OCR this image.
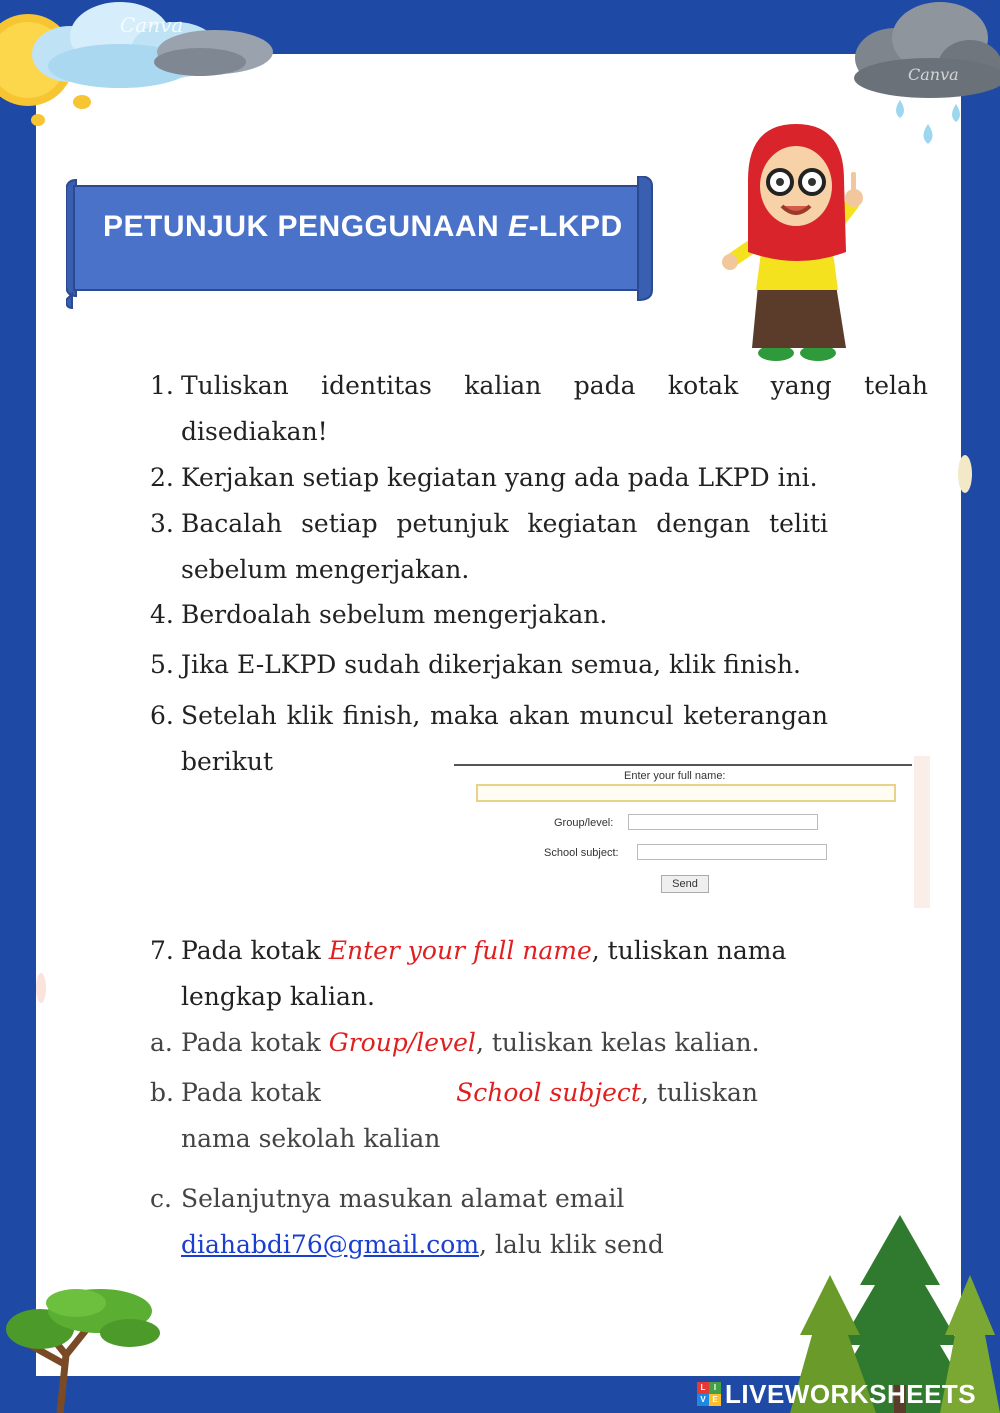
Canva
Canva
PETUNJUK PENGGUNAAN E-LKPD
1. Tuliskan identitas kalian pada kotak yang telah
disediakan!
2. Kerjakan setiap kegiatan yang ada pada LKPD ini.
3. Bacalah setiap petunjuk kegiatan dengan teliti
sebelum mengerjakan.
4. Berdoalah sebelum mengerjakan.
5. Jika E-LKPD sudah dikerjakan semua, klik finish.
6. Setelah klik finish, maka akan muncul keterangan
berikut	Enter your full name:
Group/level:
School subject:
Send
7. Pada kotak Enter your full name, tuliskan nama
lengkap kalian.
a. Pada kotak Group/level, tuliskan kelas kalian.
b. Pada kotak	School subject, tuliskan
nama sekolah kalian
c. Selanjutnya masukan alamat email
diahabdi76@gmail.com, lalu klik send
L	I
V E LIVEWORKSHEETS
